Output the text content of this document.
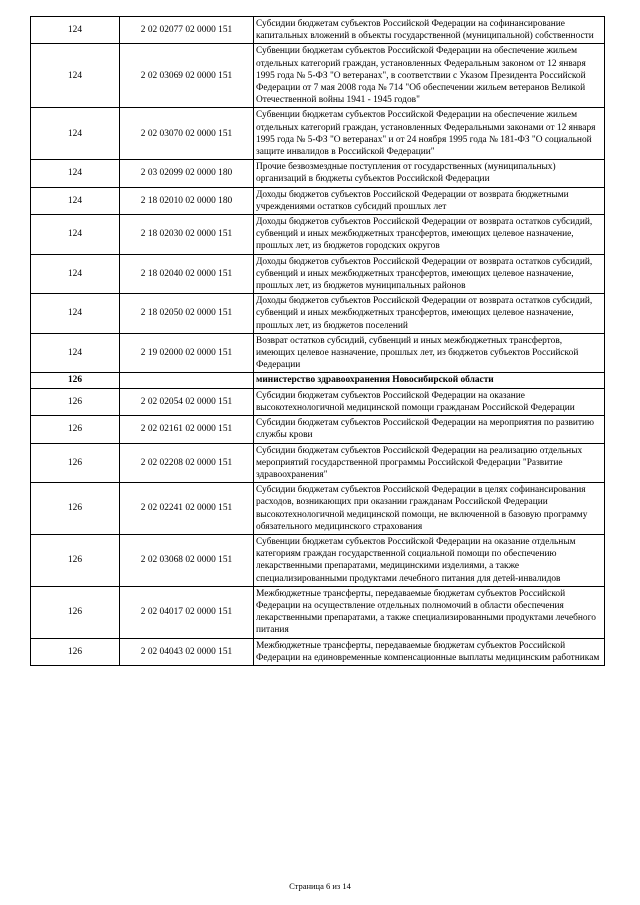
124	2 02 02077 02 0000 151	Субсидии бюджетам субъектов Российской Федерации на софинансирование капитальных вложений в объекты государственной (муниципальной) собственности
124	2 02 03069 02 0000 151	Субвенции бюджетам субъектов Российской Федерации на обеспечение жильем отдельных категорий граждан, установленных Федеральным законом от 12 января 1995 года № 5-ФЗ "О ветеранах", в соответствии с Указом Президента Российской Федерации от 7 мая 2008 года № 714 "Об обеспечении жильем ветеранов Великой Отечественной войны 1941 - 1945 годов"
124	2 02 03070 02 0000 151	Субвенции бюджетам субъектов Российской Федерации на обеспечение жильем отдельных категорий граждан, установленных Федеральными законами от 12 января 1995 года № 5-ФЗ "О ветеранах" и от 24 ноября 1995 года № 181-ФЗ "О социальной защите инвалидов в Российской Федерации"
124	2 03 02099 02 0000 180	Прочие безвозмездные поступления от государственных (муниципальных) организаций в бюджеты субъектов Российской Федерации
124	2 18 02010 02 0000 180	Доходы бюджетов субъектов Российской Федерации от возврата бюджетными учреждениями остатков субсидий прошлых лет
124	2 18 02030 02 0000 151	Доходы бюджетов субъектов Российской Федерации от возврата остатков субсидий, субвенций и иных межбюджетных трансфертов, имеющих целевое назначение, прошлых лет, из бюджетов городских округов
124	2 18 02040 02 0000 151	Доходы бюджетов субъектов Российской Федерации от возврата остатков субсидий, субвенций и иных межбюджетных трансфертов, имеющих целевое назначение, прошлых лет, из бюджетов муниципальных районов
124	2 18 02050 02 0000 151	Доходы бюджетов субъектов Российской Федерации от возврата остатков субсидий, субвенций и иных межбюджетных трансфертов, имеющих целевое назначение, прошлых лет, из бюджетов поселений
124	2 19 02000 02 0000 151	Возврат остатков субсидий, субвенций и иных межбюджетных трансфертов, имеющих целевое назначение, прошлых лет, из бюджетов субъектов Российской Федерации
126		министерство здравоохранения Новосибирской области
126	2 02 02054 02 0000 151	Субсидии бюджетам субъектов Российской Федерации на оказание высокотехнологичной медицинской помощи гражданам Российской Федерации
126	2 02 02161 02 0000 151	Субсидии бюджетам субъектов Российской Федерации на мероприятия по развитию службы крови
126	2 02 02208 02 0000 151	Субсидии бюджетам субъектов Российской Федерации на реализацию отдельных мероприятий государственной программы Российской Федерации "Развитие здравоохранения"
126	2 02 02241 02 0000 151	Субсидии бюджетам субъектов Российской Федерации в целях софинансирования расходов, возникающих при оказании гражданам Российской Федерации высокотехнологичной медицинской помощи, не включенной в базовую программу обязательного медицинского страхования
126	2 02 03068 02 0000 151	Субвенции бюджетам субъектов Российской Федерации на оказание отдельным категориям граждан государственной социальной помощи по обеспечению лекарственными препаратами, медицинскими изделиями, а также специализированными продуктами лечебного питания для детей-инвалидов
126	2 02 04017 02 0000 151	Межбюджетные трансферты, передаваемые бюджетам субъектов Российской Федерации на осуществление отдельных полномочий в области обеспечения лекарственными препаратами, а также специализированными продуктами лечебного питания
126	2 02 04043 02 0000 151	Межбюджетные трансферты, передаваемые бюджетам субъектов Российской Федерации на единовременные компенсационные выплаты медицинским работникам
Страница 6 из 14
